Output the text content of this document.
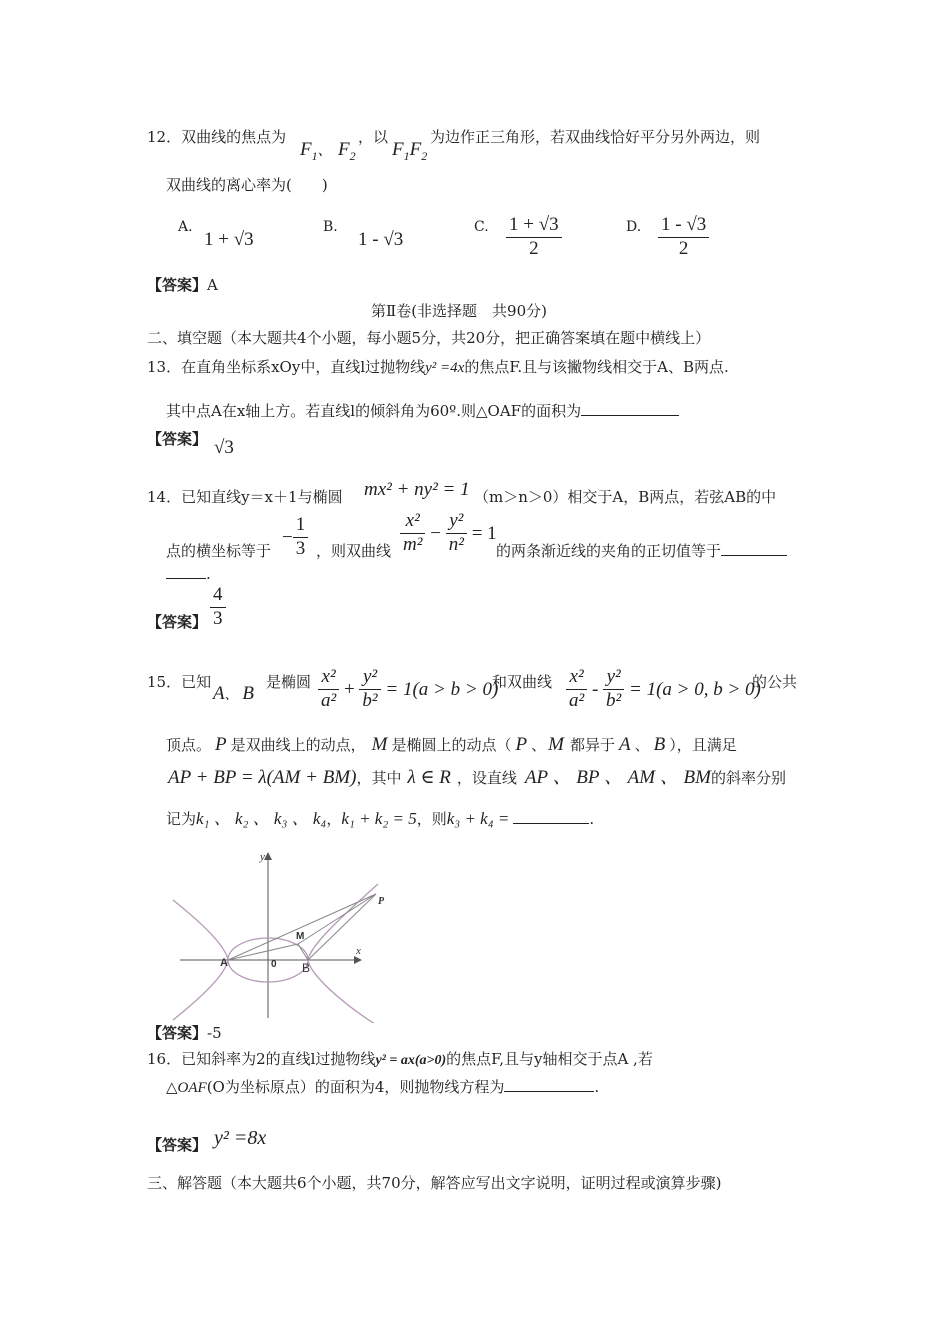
12．双曲线的焦点为
$F_1$、 $F_2$
，以
$F_1F_2$
为边作正三角形，若双曲线恰好平分另外两边，则
双曲线的离心率为(　　)
A.
1 + √3
B.
1 - √3
C. $\frac{1 + √3}{2}$	D. $\frac{1 - √3}{2}$
【答案】A
第Ⅱ卷(非选择题　共90分)
二、填空题（本大题共4个小题，每小题5分，共20分，把正确答案填在题中横线上）
13．在直角坐标系xOy中，直线l过抛物线y² =4x的焦点F.且与该撇物线相交于A、B两点.
其中点A在x轴上方。若直线l的倾斜角为60º.则△OAF的面积为
【答案】 √3
14．已知直线y＝x＋1与椭圆 mx² + ny² = 1 （m＞n＞0）相交于A，B两点，若弦AB的中
点的横坐标等于
− $\frac{1}{3}$ ，则双曲线 $\frac{\text{x²}}{\text{m²}} - \frac{\text{y²}}{\text{n²}} = 1$
的两条渐近线的夹角的正切值等于
.
【答案】 $\frac{4}{3}$
15．已知
A、 B
是椭圆 $\frac{\text{x²}}{\text{a²}} + \frac{\text{y²}}{\text{b²}} = 1(a > b > 0)$
和双曲线 $\frac{\text{x²}}{\text{a²}} - \frac{\text{y²}}{\text{b²}} = 1(a > 0$, b > 0)
的公共
顶点。 P 是双曲线上的动点， M 是椭圆上的动点（ P 、 M 都异于 A 、 B ），且满足
AP + BP = λ(AM + BM)，其中 λ ∈ R ，设直线 AP 、 BP 、 AM 、 BM的斜率分别
记为k₁ 、 k₂ 、 k₃ 、 k₄，k₁ + k₂ = 5，则k₃ + k₄ =	.
y
x
A	0 B
M
P
【答案】-5
16．已知斜率为2的直线l过抛物线y² = ax(a>0)的焦点F,且与y轴相交于点A ,若
△OAF(O为坐标原点）的面积为4，则抛物线方程为	.
【答案】 y² =8x
三、解答题（本大题共6个小题，共70分，解答应写出文字说明，证明过程或演算步骤)
